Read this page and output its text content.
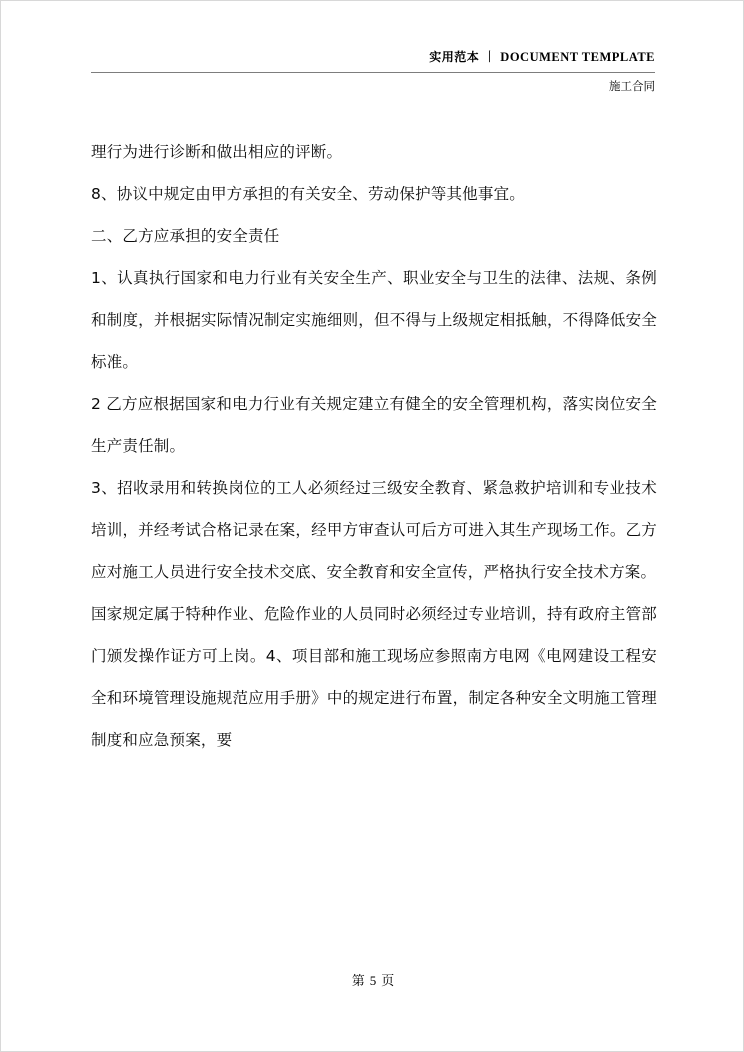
实用范本 丨 DOCUMENT TEMPLATE
施工合同

理行为进行诊断和做出相应的评断。

8、协议中规定由甲方承担的有关安全、劳动保护等其他事宜。

二、乙方应承担的安全责任

1、认真执行国家和电力行业有关安全生产、职业安全与卫生的法律、法规、条例和制度，并根据实际情况制定实施细则，但不得与上级规定相抵触，不得降低安全标准。

2 乙方应根据国家和电力行业有关规定建立有健全的安全管理机构，落实岗位安全生产责任制。

3、招收录用和转换岗位的工人必须经过三级安全教育、紧急救护培训和专业技术培训，并经考试合格记录在案，经甲方审查认可后方可进入其生产现场工作。乙方应对施工人员进行安全技术交底、安全教育和安全宣传，严格执行安全技术方案。

国家规定属于特种作业、危险作业的人员同时必须经过专业培训，持有政府主管部门颁发操作证方可上岗。4、项目部和施工现场应参照南方电网《电网建设工程安全和环境管理设施规范应用手册》中的规定进行布置，制定各种安全文明施工管理制度和应急预案，要

第 5 页
